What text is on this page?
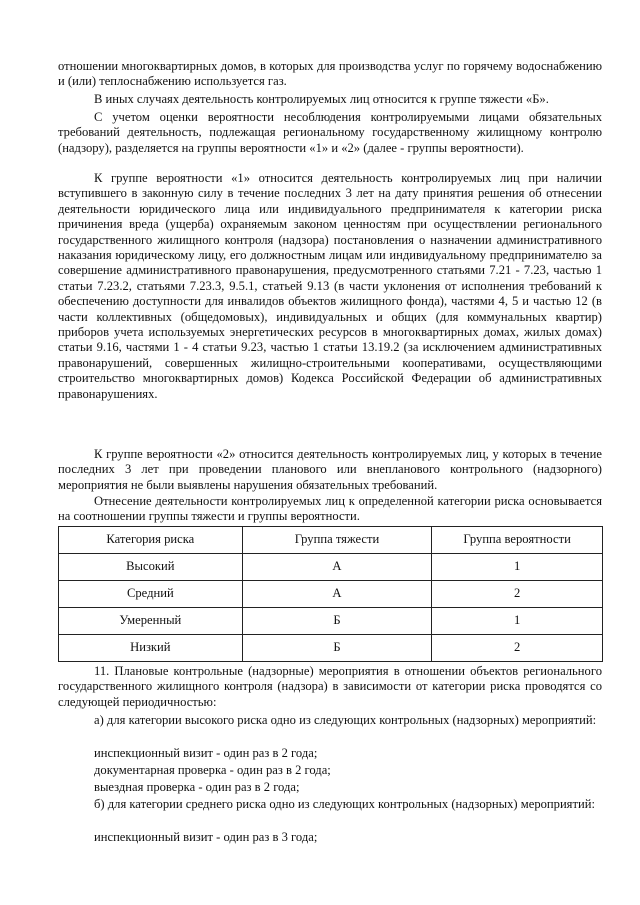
отношении многоквартирных домов, в которых для производства услуг по горячему водоснабжению и (или) теплоснабжению используется газ.

В иных случаях деятельность контролируемых лиц относится к группе тяжести «Б».

С учетом оценки вероятности несоблюдения контролируемыми лицами обязательных требований деятельность, подлежащая региональному государственному жилищному контролю (надзору), разделяется на группы вероятности «1» и «2» (далее - группы вероятности).

К группе вероятности «1» относится деятельность контролируемых лиц при наличии вступившего в законную силу в течение последних 3 лет на дату принятия решения об отнесении деятельности юридического лица или индивидуального предпринимателя к категории риска причинения вреда (ущерба) охраняемым законом ценностям при осуществлении регионального государственного жилищного контроля (надзора) постановления о назначении административного наказания юридическому лицу, его должностным лицам или индивидуальному предпринимателю за совершение административного правонарушения, предусмотренного статьями 7.21 - 7.23, частью 1 статьи 7.23.2, статьями 7.23.3, 9.5.1, статьей 9.13 (в части уклонения от исполнения требований к обеспечению доступности для инвалидов объектов жилищного фонда), частями 4, 5 и частью 12 (в части коллективных (общедомовых), индивидуальных и общих (для коммунальных квартир) приборов учета используемых энергетических ресурсов в многоквартирных домах, жилых домах) статьи 9.16, частями 1 - 4 статьи 9.23, частью 1 статьи 13.19.2 (за исключением административных правонарушений, совершенных жилищно-строительными кооперативами, осуществляющими строительство многоквартирных домов) Кодекса Российской Федерации об административных правонарушениях.

К группе вероятности «2» относится деятельность контролируемых лиц, у которых в течение последних 3 лет при проведении планового или внепланового контрольного (надзорного) мероприятия не были выявлены нарушения обязательных требований.

Отнесение деятельности контролируемых лиц к определенной категории риска основывается на соотношении группы тяжести и группы вероятности.

Категория риска	Группа тяжести	Группа вероятности
Высокий	А	1
Средний	А	2
Умеренный	Б	1
Низкий	Б	2

11. Плановые контрольные (надзорные) мероприятия в отношении объектов регионального государственного жилищного контроля (надзора) в зависимости от категории риска проводятся со следующей периодичностью:

а) для категории высокого риска одно из следующих контрольных (надзорных) мероприятий:

инспекционный визит - один раз в 2 года;

документарная проверка - один раз в 2 года;

выездная проверка - один раз в 2 года;

б) для категории среднего риска одно из следующих контрольных (надзорных) мероприятий:

инспекционный визит - один раз в 3 года;
